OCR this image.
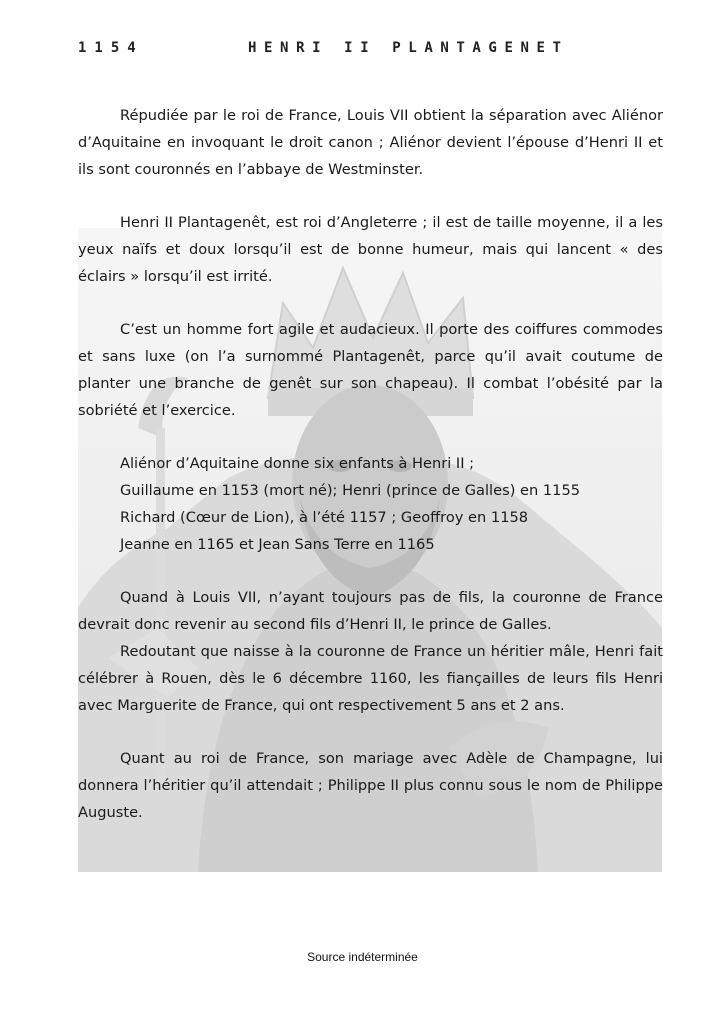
1154	HENRI II PLANTAGENET

Répudiée par le roi de France, Louis VII obtient la séparation avec Aliénor d’Aquitaine en invoquant le droit canon ; Aliénor devient l’épouse d’Henri II et ils sont couronnés en l’abbaye de Westminster.

Henri II Plantagenêt, est roi d’Angleterre ; il est de taille moyenne, il a les yeux naïfs et doux lorsqu’il est de bonne humeur, mais qui lancent « des éclairs » lorsqu’il est irrité.

C’est un homme fort agile et audacieux. Il porte des coiffures commodes et sans luxe (on l’a surnommé Plantagenêt, parce qu’il avait coutume de planter une branche de genêt sur son chapeau). Il combat l’obésité par la sobriété et l’exercice.

Aliénor d’Aquitaine donne six enfants à Henri II ;

Guillaume en 1153 (mort né); Henri (prince de Galles) en 1155

Richard (Cœur de Lion), à l’été 1157 ; Geoffroy en 1158

Jeanne en 1165 et Jean Sans Terre en 1165

Quand à Louis VII, n’ayant toujours pas de fils, la couronne de France devrait donc revenir au second fils d’Henri II, le prince de Galles.

Redoutant que naisse à la couronne de France un héritier mâle, Henri fait célébrer à Rouen, dès le 6 décembre 1160, les fiançailles de leurs fils Henri avec Marguerite de France, qui ont respectivement 5 ans et 2 ans.

Quant au roi de France, son mariage avec Adèle de Champagne, lui donnera l’héritier qu’il attendait ; Philippe II plus connu sous le nom de Philippe Auguste.

Source indéterminée
